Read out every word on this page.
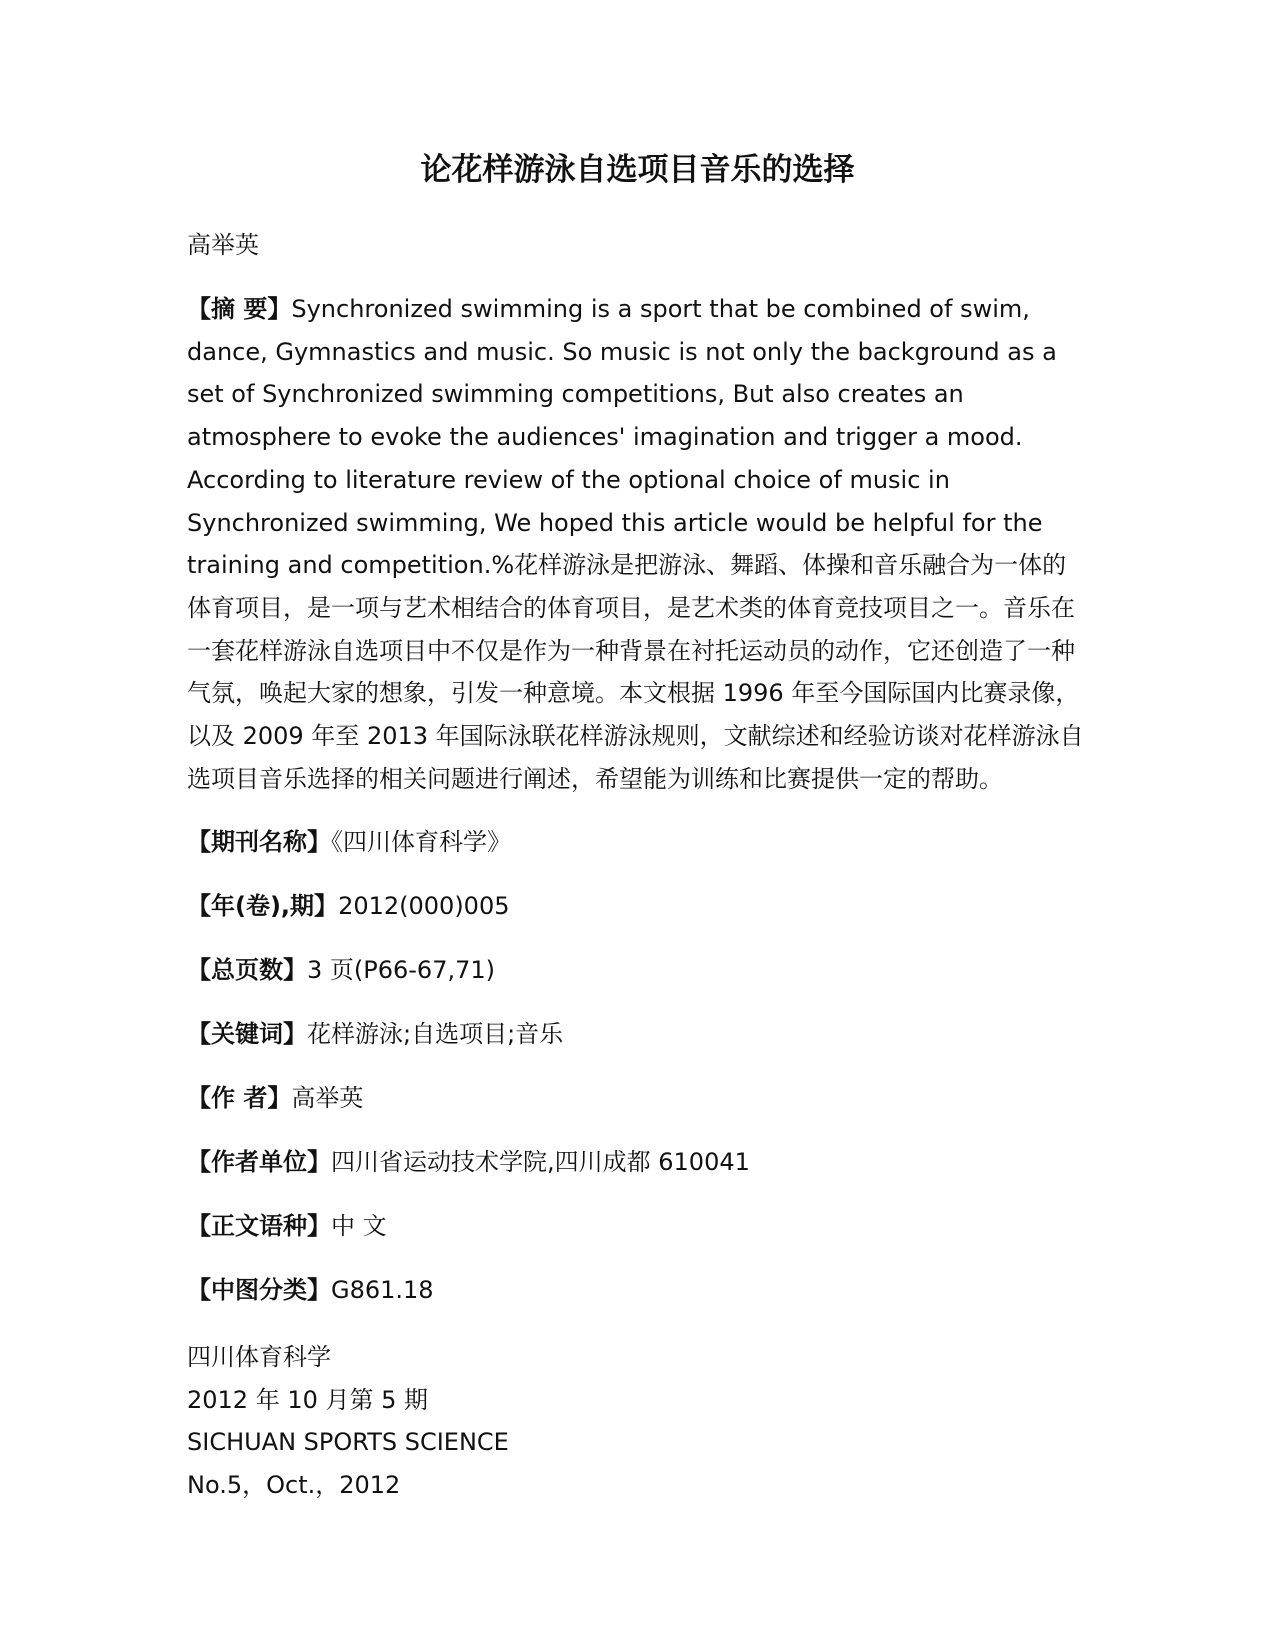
论花样游泳自选项目音乐的选择

高举英

【摘 要】Synchronized swimming is a sport that be combined of swim, dance, Gymnastics and music. So music is not only the background as a set of Synchronized swimming competitions, But also creates an atmosphere to evoke the audiences' imagination and trigger a mood. According to literature review of the optional choice of music in Synchronized swimming, We hoped this article would be helpful for the training and competition.%花样游泳是把游泳、舞蹈、体操和音乐融合为一体的体育项目，是一项与艺术相结合的体育项目，是艺术类的体育竞技项目之一。音乐在一套花样游泳自选项目中不仅是作为一种背景在衬托运动员的动作，它还创造了一种气氛，唤起大家的想象，引发一种意境。本文根据 1996 年至今国际国内比赛录像，以及 2009 年至 2013 年国际泳联花样游泳规则，文献综述和经验访谈对花样游泳自选项目音乐选择的相关问题进行阐述，希望能为训练和比赛提供一定的帮助。

【期刊名称】《四川体育科学》
【年(卷),期】2012(000)005
【总页数】3 页(P66-67,71)
【关键词】花样游泳;自选项目;音乐
【作 者】高举英
【作者单位】四川省运动技术学院,四川成都 610041
【正文语种】中 文
【中图分类】G861.18
四川体育科学
2012 年 10 月第 5 期
SICHUAN SPORTS SCIENCE
No.5，Oct.，2012
